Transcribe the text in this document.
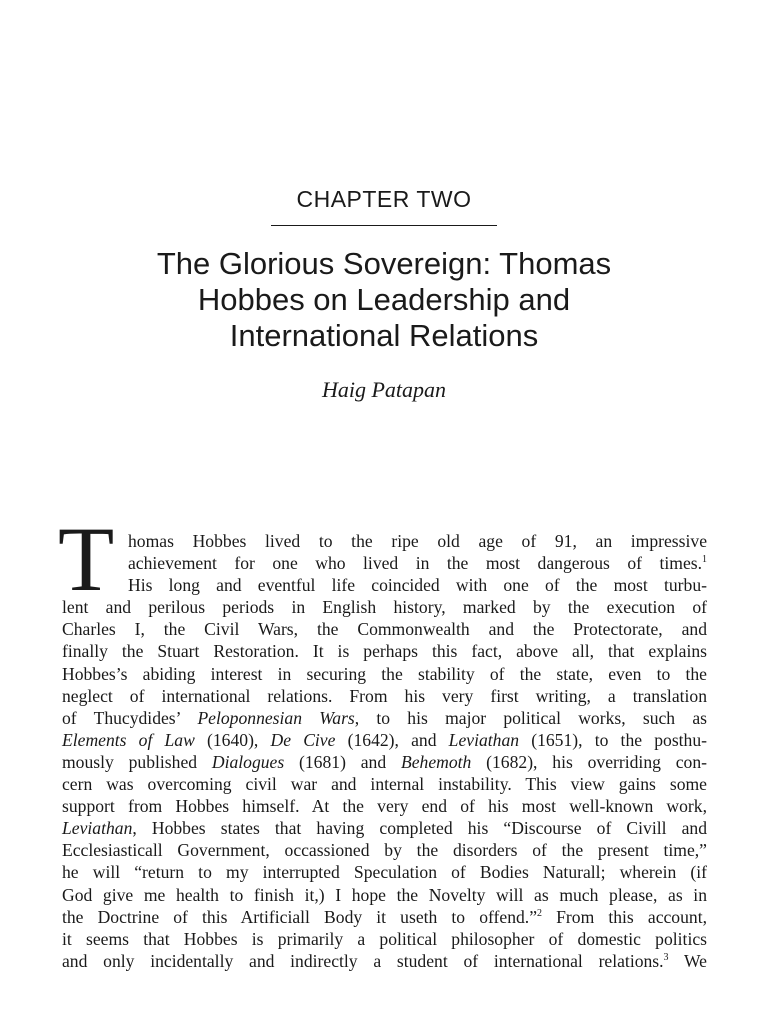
CHAPTER TWO
The Glorious Sovereign: Thomas
Hobbes on Leadership and
International Relations
Haig Patapan
T homas Hobbes lived to the ripe old age of 91, an impressive
achievement for one who lived in the most dangerous of times.$^1$
His long and eventful life coincided with one of the most turbu-
lent and perilous periods in English history, marked by the execution of
Charles I, the Civil Wars, the Commonwealth and the Protectorate, and
finally the Stuart Restoration. It is perhaps this fact, above all, that explains
Hobbes’s abiding interest in securing the stability of the state, even to the
neglect of international relations. From his very first writing, a translation
of Thucydides’ Peloponnesian Wars, to his major political works, such as
Elements of Law (1640), De Cive (1642), and Leviathan (1651), to the posthu-
mously published Dialogues (1681) and Behemoth (1682), his overriding con-
cern was overcoming civil war and internal instability. This view gains some
support from Hobbes himself. At the very end of his most well-known work,
Leviathan, Hobbes states that having completed his “Discourse of Civill and
Ecclesiasticall Government, occassioned by the disorders of the present time,”
he will “return to my interrupted Speculation of Bodies Naturall; wherein (if
God give me health to finish it,) I hope the Novelty will as much please, as in
the Doctrine of this Artificiall Body it useth to offend.”$^2$ From this account,
it seems that Hobbes is primarily a political philosopher of domestic politics
and only incidentally and indirectly a student of international relations.$^3$ We
